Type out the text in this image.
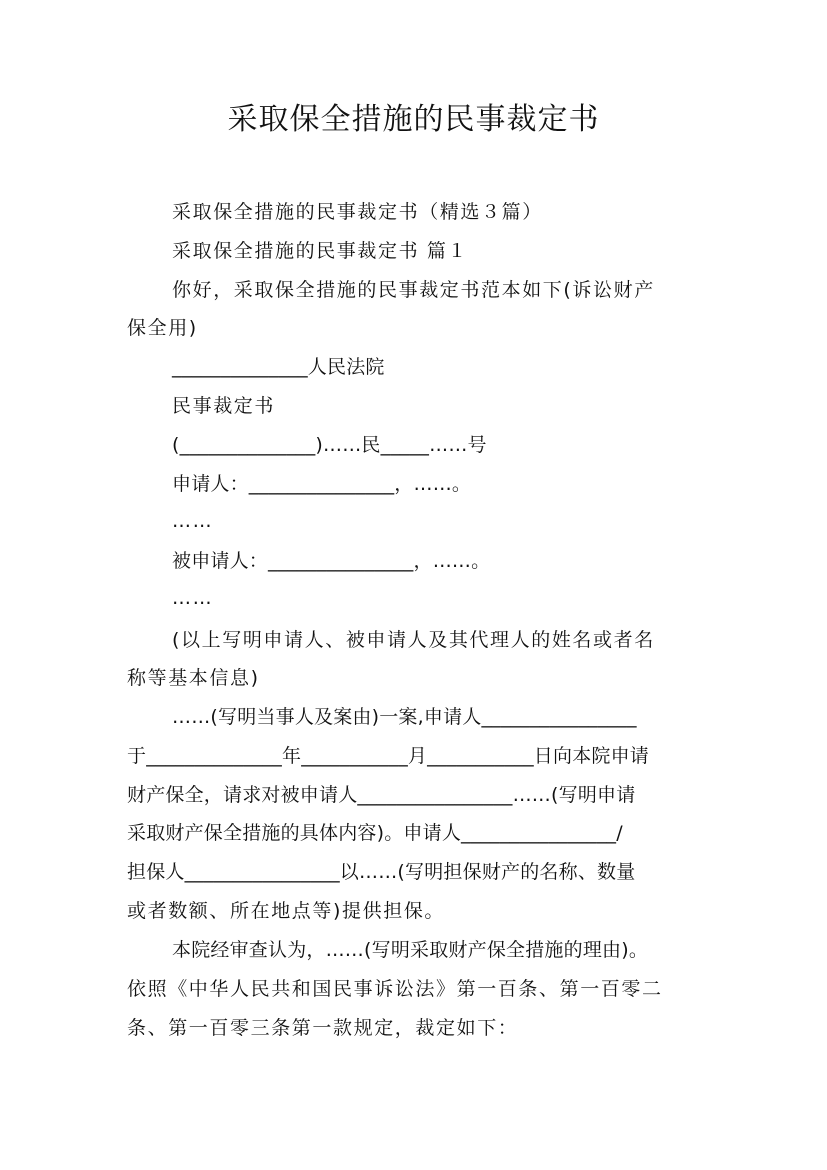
采取保全措施的民事裁定书
采取保全措施的民事裁定书（精选３篇）
采取保全措施的民事裁定书 篇１
你好，采取保全措施的民事裁定书范本如下(诉讼财产
保全用)
______________人民法院
民事裁定书
(______________)……民_____……号
申请人：_______________，……。
……
被申请人：_______________，……。
……
(以上写明申请人、被申请人及其代理人的姓名或者名
称等基本信息)
……(写明当事人及案由)一案,申请人________________
于______________年___________月___________日向本院申请
财产保全，请求对被申请人________________……(写明申请
采取财产保全措施的具体内容)。申请人________________/
担保人________________以……(写明担保财产的名称、数量
或者数额、所在地点等)提供担保。
本院经审查认为，……(写明采取财产保全措施的理由)。
依照《中华人民共和国民事诉讼法》第一百条、第一百零二
条、第一百零三条第一款规定，裁定如下：
